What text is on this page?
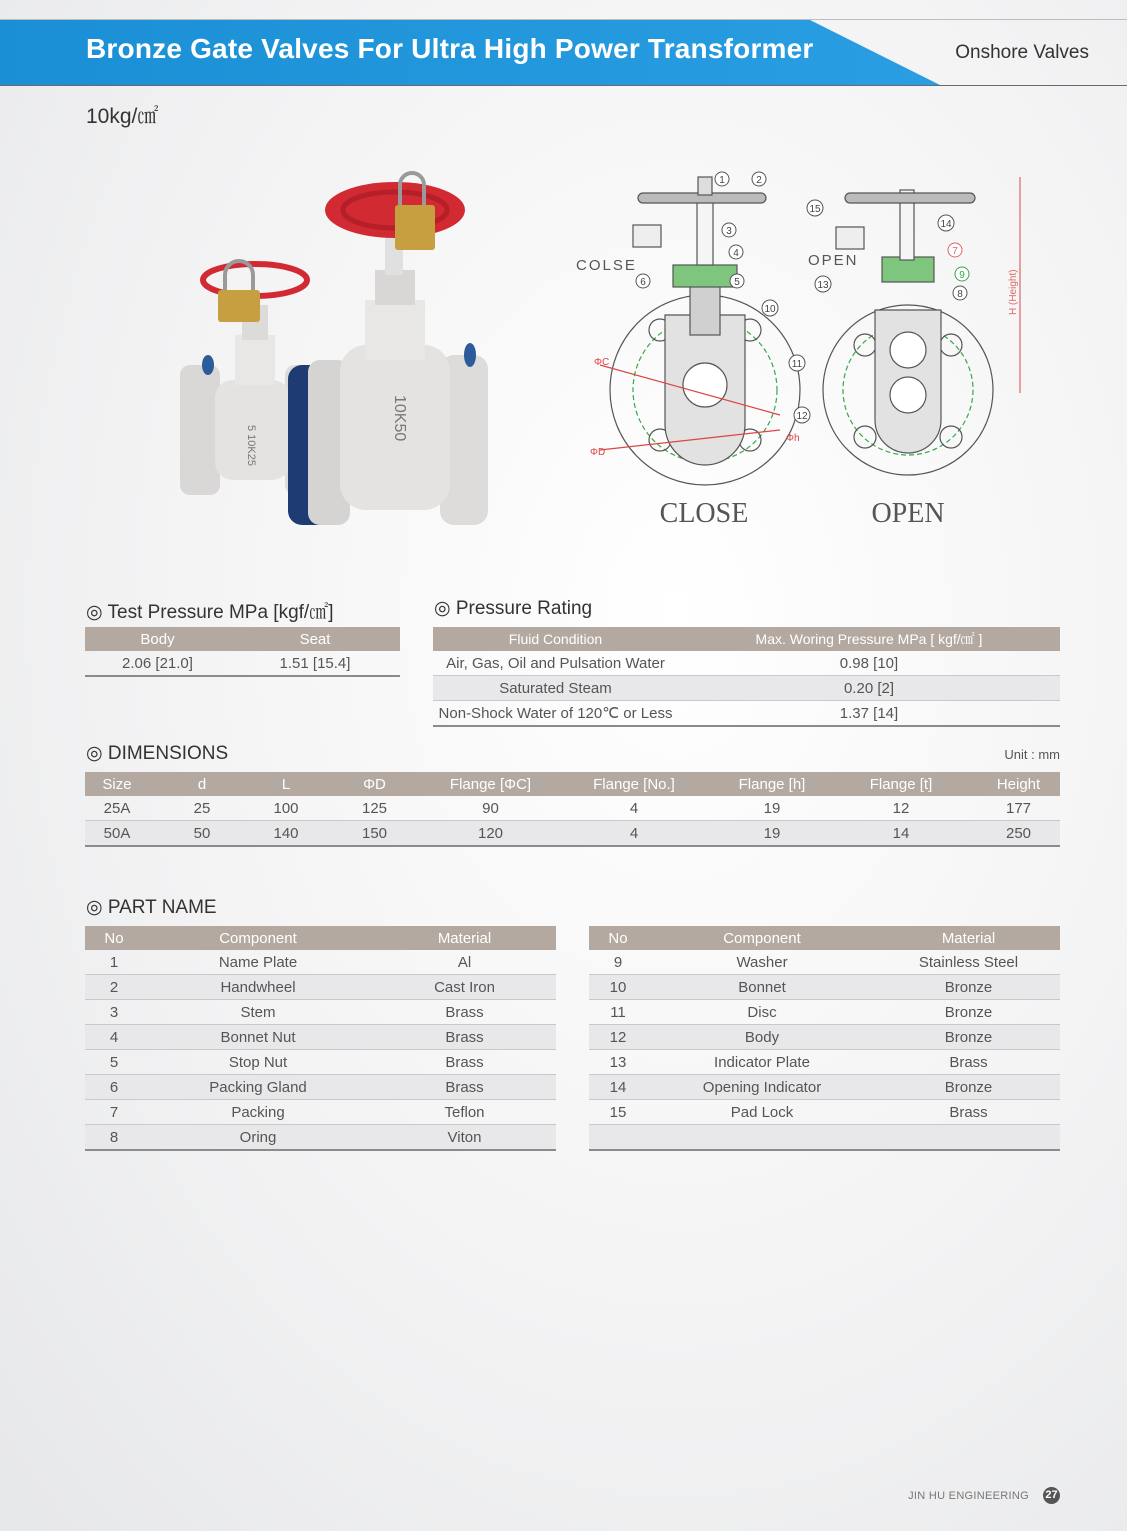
Bronze Gate Valves For Ultra High Power Transformer	Onshore Valves
10kg/㎠
5 10K25
10K50
COLSE	OPEN
ΦC
ΦD
Φh
H (Height)
1	2
3
4
5
6
7
8
9
10
11
12
13
14
15
CLOSE	OPEN
◎ Test Pressure MPa [kgf/㎠]
Body	Seat
2.06 [21.0]	1.51 [15.4]
◎ Pressure Rating
Fluid Condition	Max. Woring Pressure MPa [ kgf/㎠ ]
Air, Gas, Oil and Pulsation Water	0.98 [10]
Saturated Steam	0.20 [2]
Non-Shock Water of 120℃ or Less	1.37 [14]
◎ DIMENSIONS	Unit : mm
Size	d	L	ΦD	Flange [ΦC]	Flange [No.]	Flange [h]	Flange [t]	Height
25A	25	100	125	90	4	19	12	177
50A	50	140	150	120	4	19	14	250
◎ PART NAME
No	Component	Material
1	Name Plate	Al
2	Handwheel	Cast Iron
3	Stem	Brass
4	Bonnet Nut	Brass
5	Stop Nut	Brass
6	Packing Gland	Brass
7	Packing	Teflon
8	Oring	Viton
No	Component	Material
9	Washer	Stainless Steel
10	Bonnet	Bronze
11	Disc	Bronze
12	Body	Bronze
13	Indicator Plate	Brass
14	Opening Indicator	Bronze
15	Pad Lock	Brass

JIN HU ENGINEERING 27
